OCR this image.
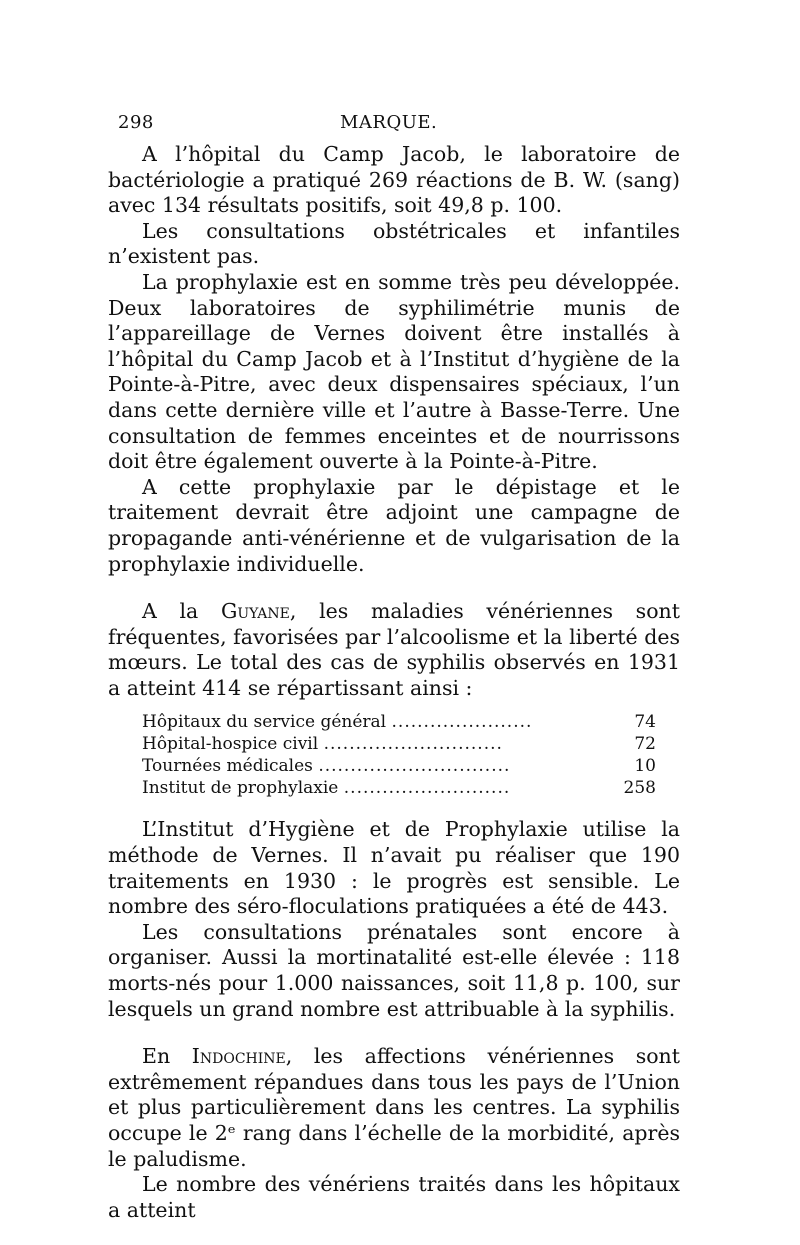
298	MARQUE.

A l’hôpital du Camp Jacob, le laboratoire de bactériologie a pratiqué 269 réactions de B. W. (sang) avec 134 résultats positifs, soit 49,8 p. 100.

Les consultations obstétricales et infantiles n’existent pas.

La prophylaxie est en somme très peu développée. Deux laboratoires de syphilimétrie munis de l’appareillage de Vernes doivent être installés à l’hôpital du Camp Jacob et à l’Institut d’hygiène de la Pointe-à-Pitre, avec deux dispensaires spéciaux, l’un dans cette dernière ville et l’autre à Basse-Terre. Une consultation de femmes enceintes et de nourrissons doit être également ouverte à la Pointe-à-Pitre.

A cette prophylaxie par le dépistage et le traitement devrait être adjoint une campagne de propagande anti-vénérienne et de vulgarisation de la prophylaxie individuelle.

A la Guyane, les maladies vénériennes sont fréquentes, favorisées par l’alcoolisme et la liberté des mœurs. Le total des cas de syphilis observés en 1931 a atteint 414 se répartissant ainsi :

Hôpitaux du service général ......................	74
Hôpital-hospice civil ............................	72
Tournées médicales ..............................	10
Institut de prophylaxie ..........................	258

L’Institut d’Hygiène et de Prophylaxie utilise la méthode de Vernes. Il n’avait pu réaliser que 190 traitements en 1930 : le progrès est sensible. Le nombre des séro-floculations pratiquées a été de 443.

Les consultations prénatales sont encore à organiser. Aussi la mortinatalité est-elle élevée : 118 morts-nés pour 1.000 naissances, soit 11,8 p. 100, sur lesquels un grand nombre est attribuable à la syphilis.

En Indochine, les affections vénériennes sont extrêmement répandues dans tous les pays de l’Union et plus particulièrement dans les centres. La syphilis occupe le 2ᵉ rang dans l’échelle de la morbidité, après le paludisme.

Le nombre des vénériens traités dans les hôpitaux a atteint
